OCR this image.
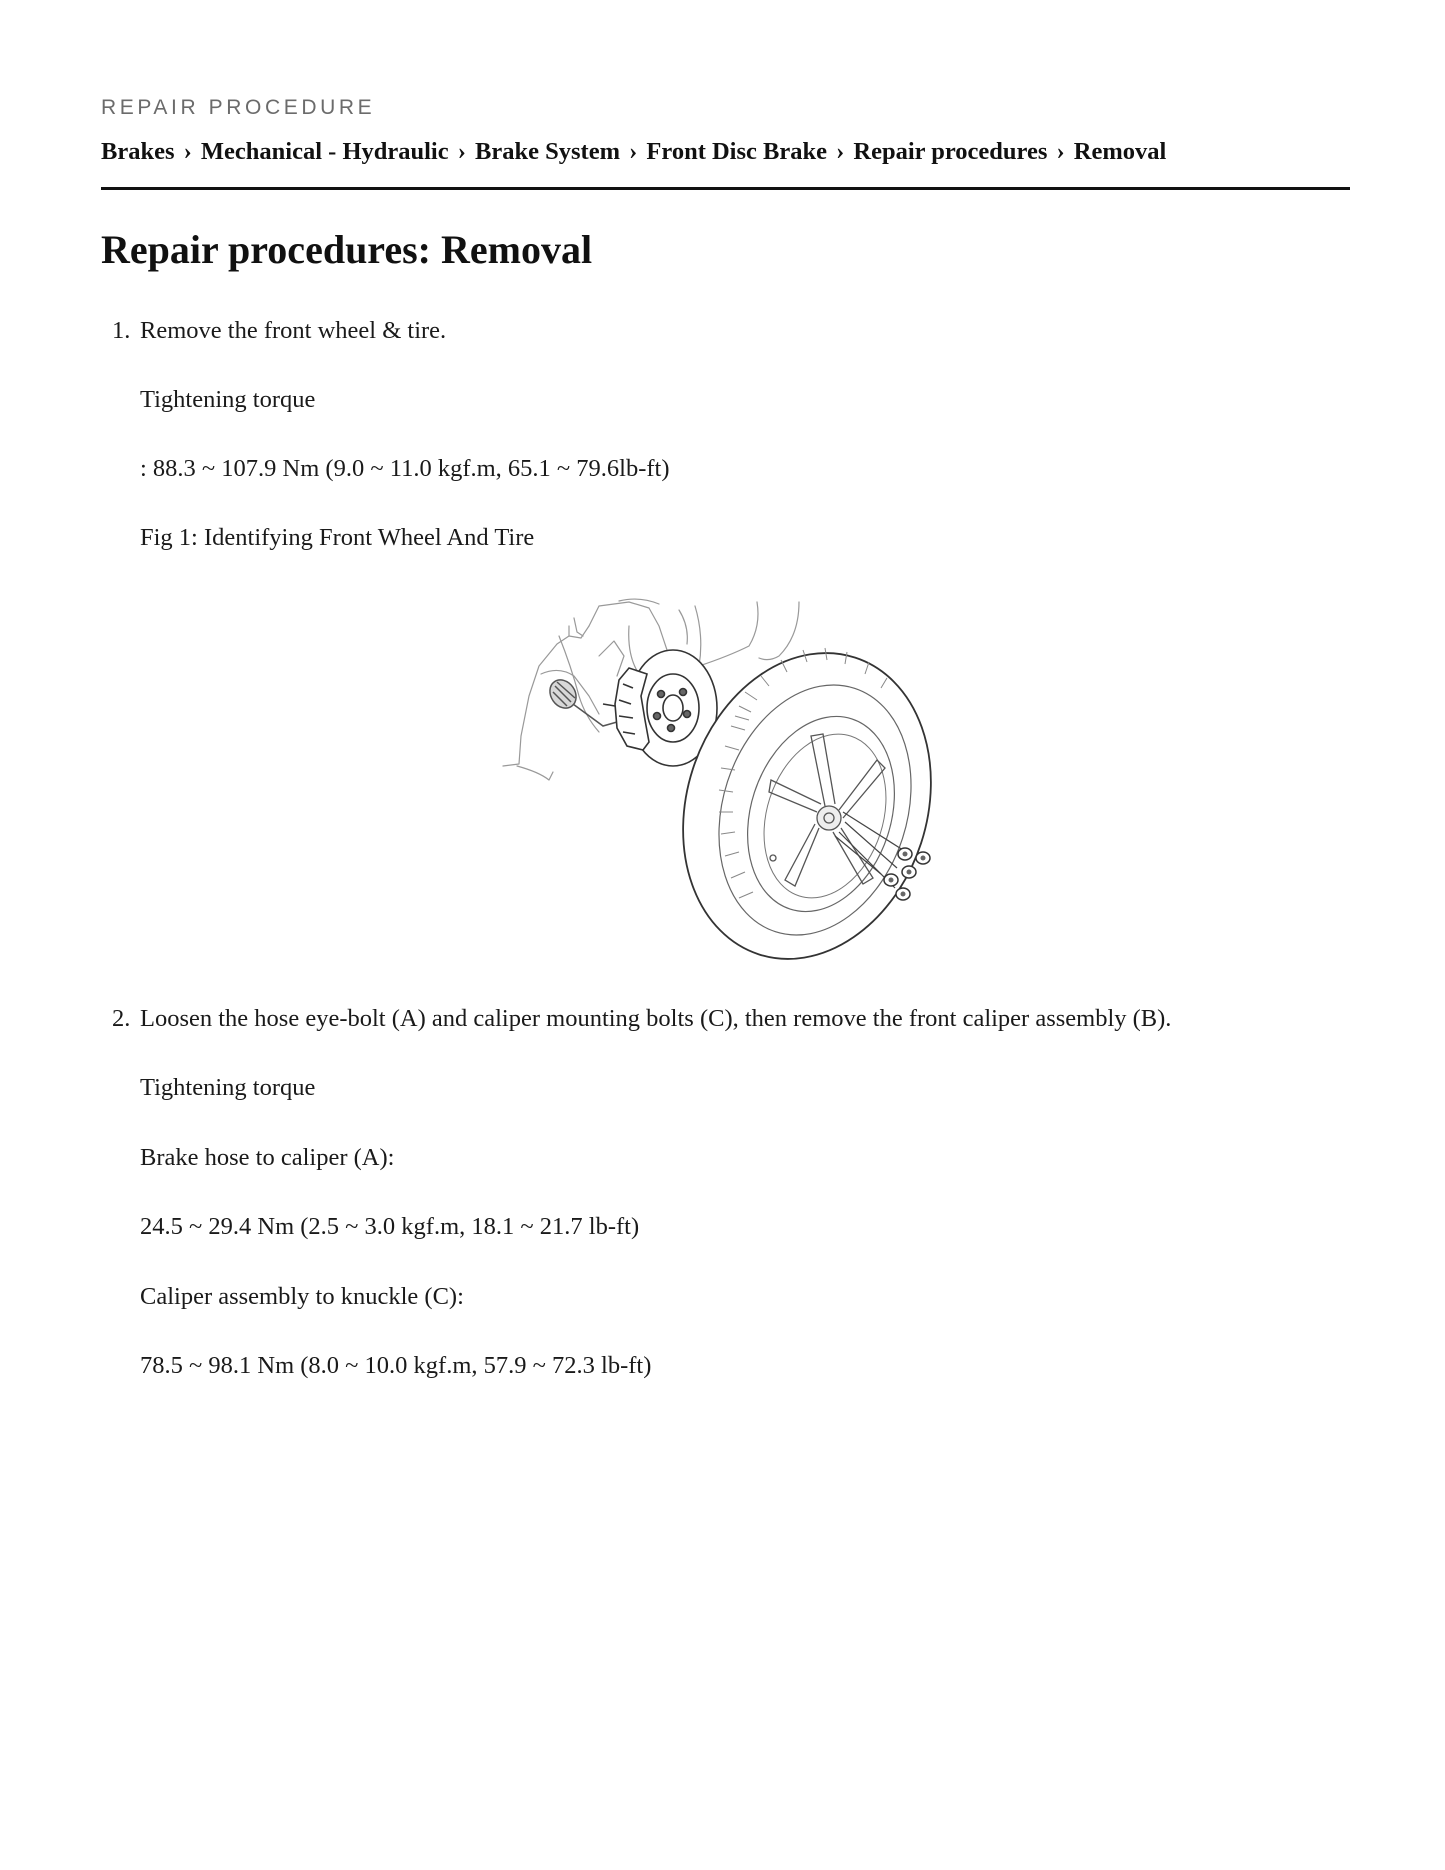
REPAIR PROCEDURE
Brakes › Mechanical - Hydraulic › Brake System › Front Disc Brake › Repair procedures › Removal
Repair procedures: Removal
1. Remove the front wheel & tire.
Tightening torque
: 88.3 ~ 107.9 Nm (9.0 ~ 11.0 kgf.m, 65.1 ~ 79.6lb-ft)
Fig 1: Identifying Front Wheel And Tire
2. Loosen the hose eye-bolt (A) and caliper mounting bolts (C), then remove the front caliper assembly (B).
Tightening torque
Brake hose to caliper (A):
24.5 ~ 29.4 Nm (2.5 ~ 3.0 kgf.m, 18.1 ~ 21.7 lb-ft)
Caliper assembly to knuckle (C):
78.5 ~ 98.1 Nm (8.0 ~ 10.0 kgf.m, 57.9 ~ 72.3 lb-ft)
